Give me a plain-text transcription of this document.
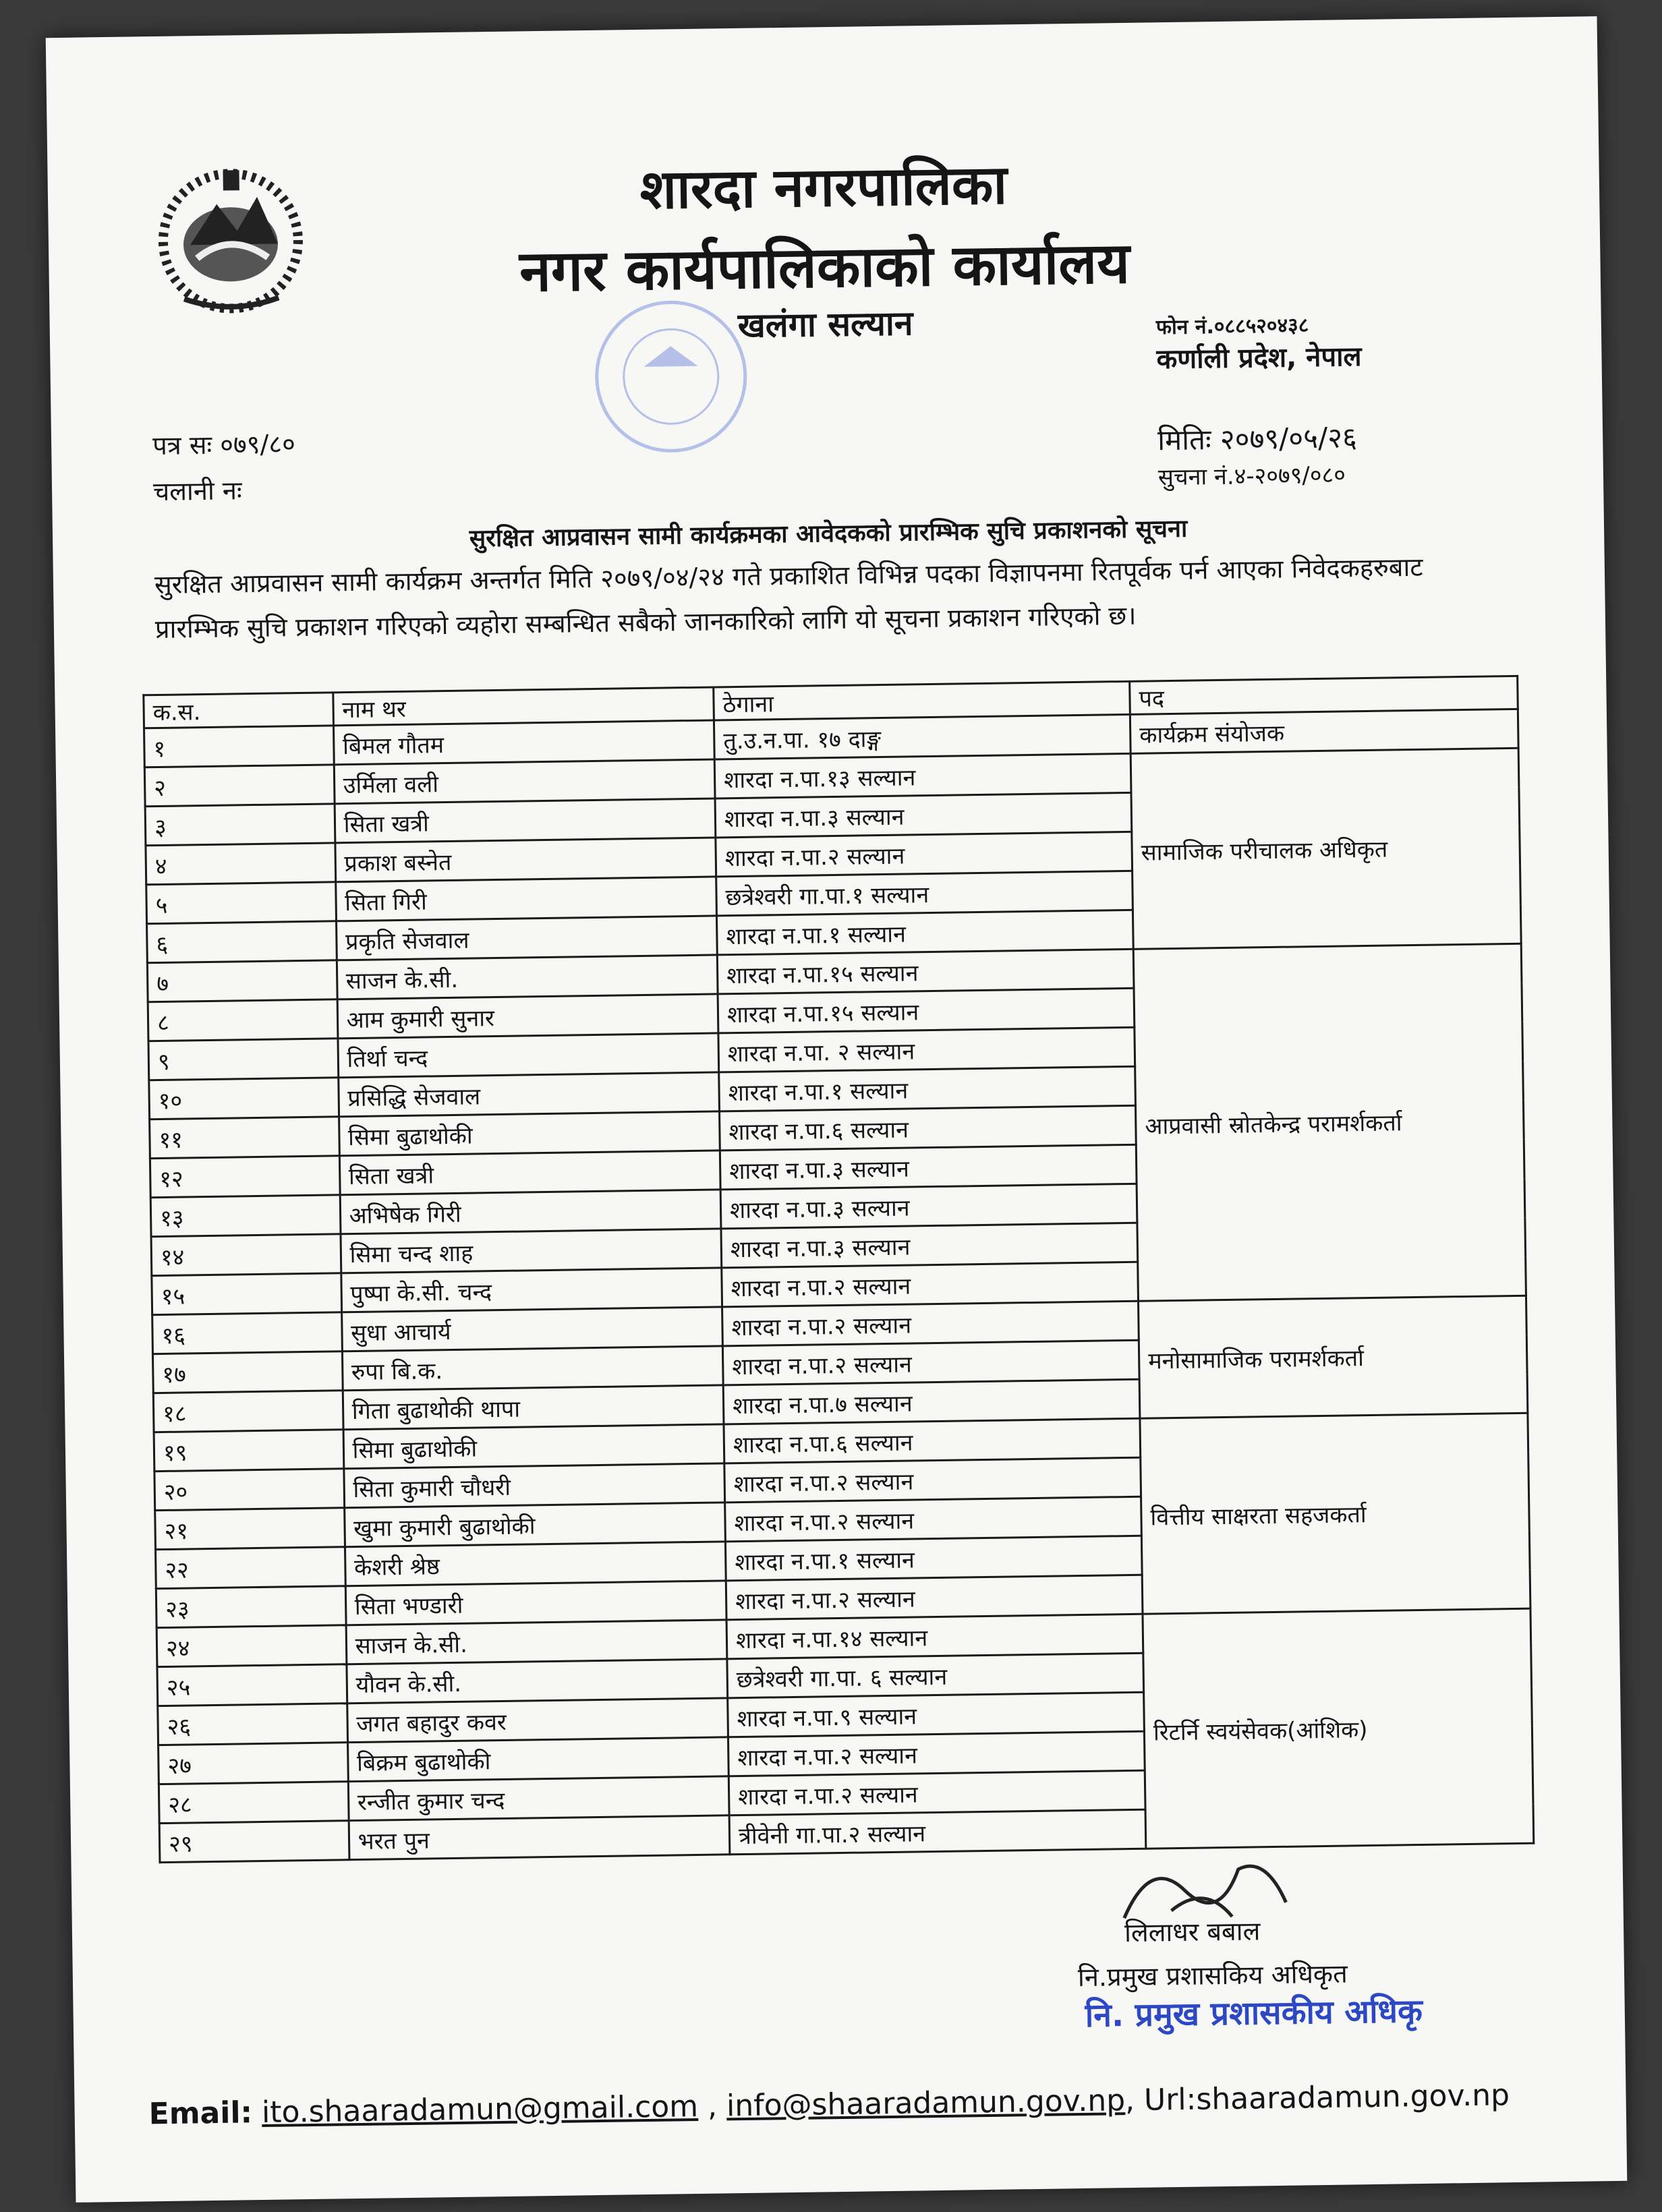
शारदा नगरपालिका
नगर कार्यपालिकाको कार्यालय
खलंगा सल्यान	फोन नं.०८८५२०४३८
कर्णाली प्रदेश, नेपाल
पत्र सः ०७९/८०
चलानी नः
मितिः २०७९/०५/२६
सुचना नं.४-२०७९/०८०
सुरक्षित आप्रवासन सामी कार्यक्रमका आवेदकको प्रारम्भिक सुचि प्रकाशनको सूचना
सुरक्षित आप्रवासन सामी कार्यक्रम अन्तर्गत मिति २०७९/०४/२४ गते प्रकाशित विभिन्न पदका विज्ञापनमा रितपूर्वक पर्न आएका निवेदकहरुबाट प्रारम्भिक सुचि प्रकाशन गरिएको व्यहोरा सम्बन्धित सबैको जानकारिको लागि यो सूचना प्रकाशन गरिएको छ।
क.स.	नाम थर	ठेगाना	पद
१	बिमल गौतम	तु.उ.न.पा. १७ दाङ्ग	कार्यक्रम संयोजक
२	उर्मिला वली	शारदा न.पा.१३ सल्यान	सामाजिक परीचालक अधिकृत
३	सिता खत्री	शारदा न.पा.३ सल्यान	
४	प्रकाश बस्नेत	शारदा न.पा.२ सल्यान	
५	सिता गिरी	छत्रेश्वरी गा.पा.१ सल्यान	
६	प्रकृति सेजवाल	शारदा न.पा.१ सल्यान	
७	साजन के.सी.	शारदा न.पा.१५ सल्यान	आप्रवासी स्रोतकेन्द्र परामर्शकर्ता
८	आम कुमारी सुनार	शारदा न.पा.१५ सल्यान	
९	तिर्था चन्द	शारदा न.पा. २ सल्यान	
१०	प्रसिद्धि सेजवाल	शारदा न.पा.१ सल्यान	
११	सिमा बुढाथोकी	शारदा न.पा.६ सल्यान	
१२	सिता खत्री	शारदा न.पा.३ सल्यान	
१३	अभिषेक गिरी	शारदा न.पा.३ सल्यान	
१४	सिमा चन्द शाह	शारदा न.पा.३ सल्यान	
१५	पुष्पा के.सी. चन्द	शारदा न.पा.२ सल्यान	
१६	सुधा आचार्य	शारदा न.पा.२ सल्यान	मनोसामाजिक परामर्शकर्ता
१७	रुपा बि.क.	शारदा न.पा.२ सल्यान	
१८	गिता बुढाथोकी थापा	शारदा न.पा.७ सल्यान	
१९	सिमा बुढाथोकी	शारदा न.पा.६ सल्यान	वित्तीय साक्षरता सहजकर्ता
२०	सिता कुमारी चौधरी	शारदा न.पा.२ सल्यान	
२१	खुमा कुमारी बुढाथोकी	शारदा न.पा.२ सल्यान	
२२	केशरी श्रेष्ठ	शारदा न.पा.१ सल्यान	
२३	सिता भण्डारी	शारदा न.पा.२ सल्यान	
२४	साजन के.सी.	शारदा न.पा.१४ सल्यान	रिटर्नि स्वयंसेवक(आंशिक)
२५	यौवन के.सी.	छत्रेश्वरी गा.पा. ६ सल्यान	
२६	जगत बहादुर कवर	शारदा न.पा.९ सल्यान	
२७	बिक्रम बुढाथोकी	शारदा न.पा.२ सल्यान	
२८	रन्जीत कुमार चन्द	शारदा न.पा.२ सल्यान	
२९	भरत पुन	त्रीवेनी गा.पा.२ सल्यान	
लिलाधर बबाल
नि.प्रमुख प्रशासकिय अधिकृत
नि. प्रमुख प्रशासकीय अधिकृ
Email: ito.shaaradamun@gmail.com , info@shaaradamun.gov.np, Url:shaaradamun.gov.np
